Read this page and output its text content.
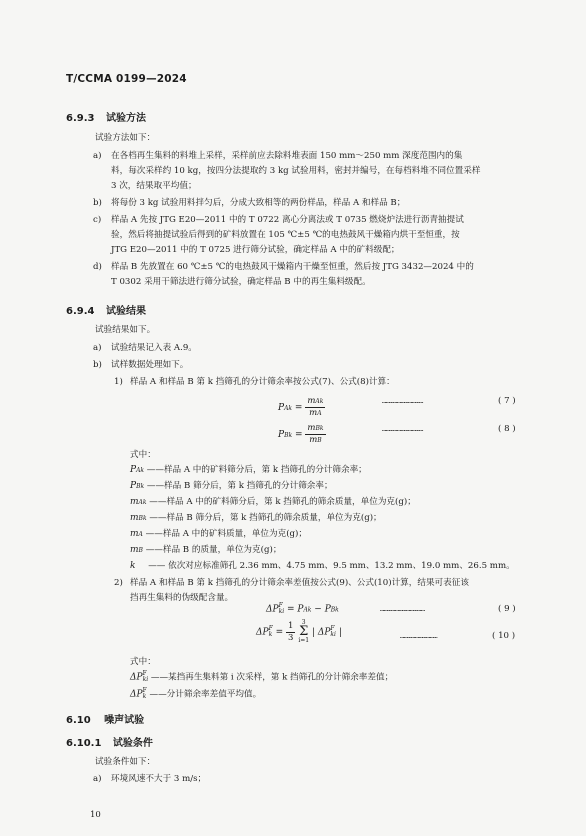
T/CCMA 0199—2024
6.9.3 试验方法
试验方法如下：
a) 在各档再生集料的料堆上采样，采样前应去除料堆表面 150 mm～250 mm 深度范围内的集
料，每次采样约 10 kg，按四分法提取约 3 kg 试验用料，密封并编号，在每档料堆不同位置采样
3 次，结果取平均值；
b) 将每份 3 kg 试验用料拌匀后，分成大致相等的两份样品，样品 A 和样品 B；
c) 样品 A 先按 JTG E20—2011 中的 T 0722 离心分离法或 T 0735 燃烧炉法进行沥青抽提试
验，然后将抽提试验后得到的矿料放置在 105 ℃±5 ℃的电热鼓风干燥箱内烘干至恒重，按
JTG E20—2011 中的 T 0725 进行筛分试验，确定样品 A 中的矿料级配；
d) 样品 B 先放置在 60 ℃±5 ℃的电热鼓风干燥箱内干燥至恒重，然后按 JTG 3432—2024 中的
T 0302 采用干筛法进行筛分试验，确定样品 B 中的再生集料级配。
6.9.4 试验结果
试验结果如下。
a) 试验结果记入表 A.9。
b) 试样数据处理如下。
1) 样品 A 和样品 B 第 k 挡筛孔的分计筛余率按公式(7)、公式(8)计算：
PAk = $\frac{\text{mAk}}{mA}$	……………………………	( 7 )
PBk = $\frac{\text{mBk}}{mB}$	……………………………	( 8 )
式中：
PAk ——样品 A 中的矿料筛分后，第 k 挡筛孔的分计筛余率；
PBk ——样品 B 筛分后，第 k 挡筛孔的分计筛余率；
mAk ——样品 A 中的矿料筛分后，第 k 挡筛孔的筛余质量，单位为克(g)；
mBk ——样品 B 筛分后，第 k 挡筛孔的筛余质量，单位为克(g)；
mA ——样品 A 中的矿料质量，单位为克(g)；
mB ——样品 B 的质量，单位为克(g)；
k —— 依次对应标准筛孔 2.36 mm、4.75 mm、9.5 mm、13.2 mm、19.0 mm、26.5 mm。
2) 样品 A 和样品 B 第 k 挡筛孔的分计筛余率差值按公式(9)、公式(10)计算，结果可表征该
挡再生集料的伪级配含量。
ΔP F
ki = PAk − PBk	………………………………	( 9 )
ΔP F
$k = \frac{1}{3}$
	3
Σ
i=1
| ΔP F
ki |	…………………………	( 10 )
式中：
ΔP F
ki ——某挡再生集料第 i 次采样，第 k 挡筛孔的分计筛余率差值；
ΔP F
k ——分计筛余率差值平均值。
6.10 噪声试验
6.10.1 试验条件
试验条件如下：
a) 环境风速不大于 3 m/s；
10
